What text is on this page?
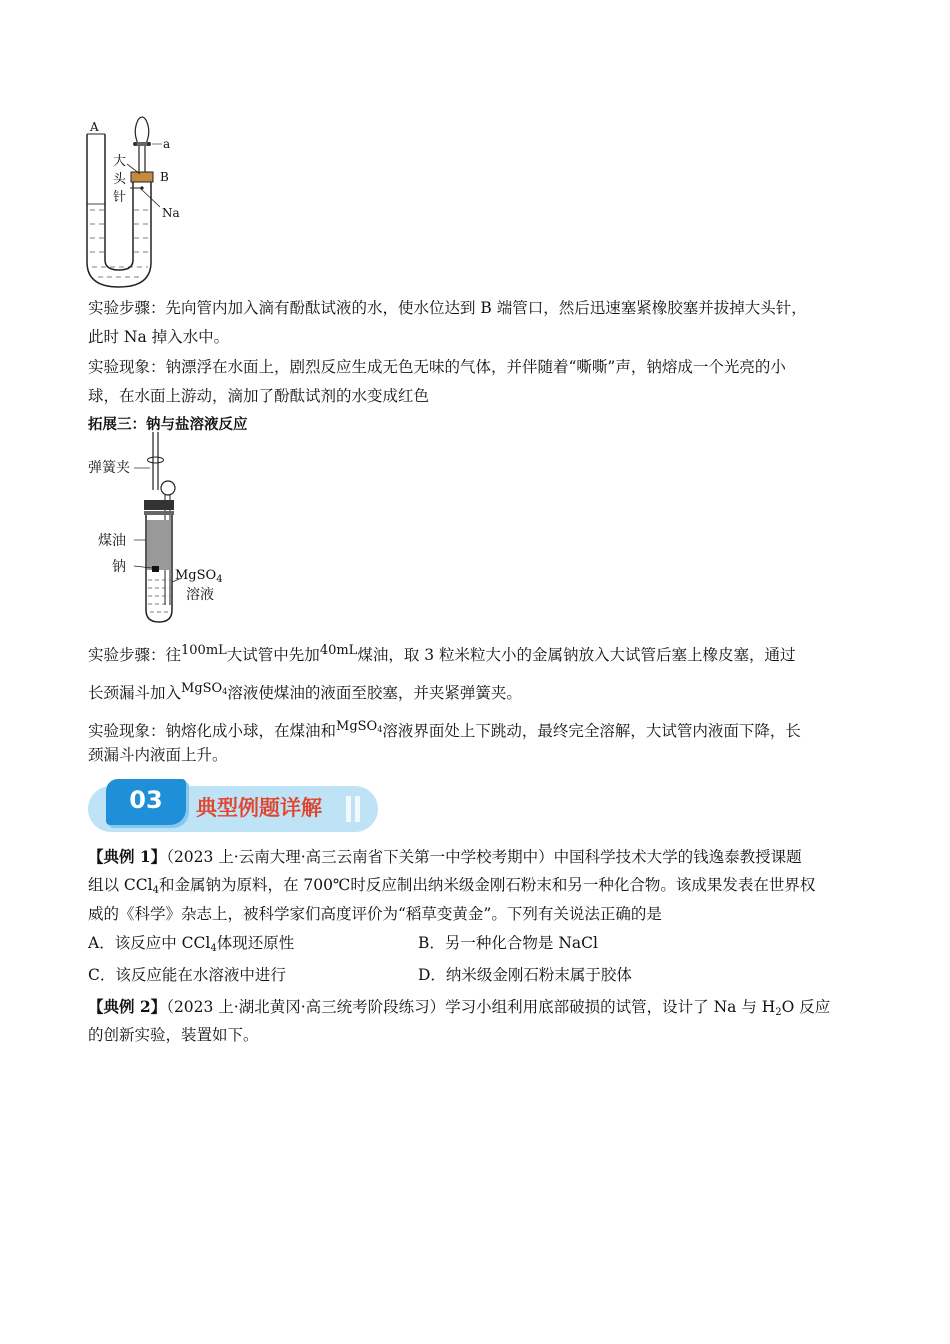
A
a
大
头
针
B
Na
实验步骤：先向管内加入滴有酚酞试液的水，使水位达到 B 端管口，然后迅速塞紧橡胶塞并拔掉大头针，
此时 Na 掉入水中。
实验现象：钠漂浮在水面上，剧烈反应生成无色无味的气体，并伴随着“嘶嘶”声，钠熔成一个光亮的小
球，在水面上游动，滴加了酚酞试剂的水变成红色
拓展三：钠与盐溶液反应
弹簧夹
煤油
钠
MgSO$_4$
溶液
实验步骤：往$^{100mL}$大试管中先加$^{40mL}$煤油，取 3 粒米粒大小的金属钠放入大试管后塞上橡皮塞，通过
长颈漏斗加入$^{MgSO4}$溶液使煤油的液面至胶塞，并夹紧弹簧夹。
实验现象：钠熔化成小球，在煤油和$^{MgSO4}$溶液界面处上下跳动，最终完全溶解，大试管内液面下降，长
颈漏斗内液面上升。
03	典型例题详解
【典例 1】（2023 上·云南大理·高三云南省下关第一中学校考期中）中国科学技术大学的钱逸泰教授课题
组以 CCl$_4$和金属钠为原料，在 700℃时反应制出纳米级金刚石粉末和另一种化合物。该成果发表在世界权
威的《科学》杂志上，被科学家们高度评价为“稻草变黄金”。下列有关说法正确的是
A．该反应中 CCl$_4$体现还原性	B．另一种化合物是 NaCl
C．该反应能在水溶液中进行	D．纳米级金刚石粉末属于胶体
【典例 2】（2023 上·湖北黄冈·高三统考阶段练习）学习小组利用底部破损的试管，设计了 Na 与 $H_2O$ 反应
的创新实验，装置如下。
